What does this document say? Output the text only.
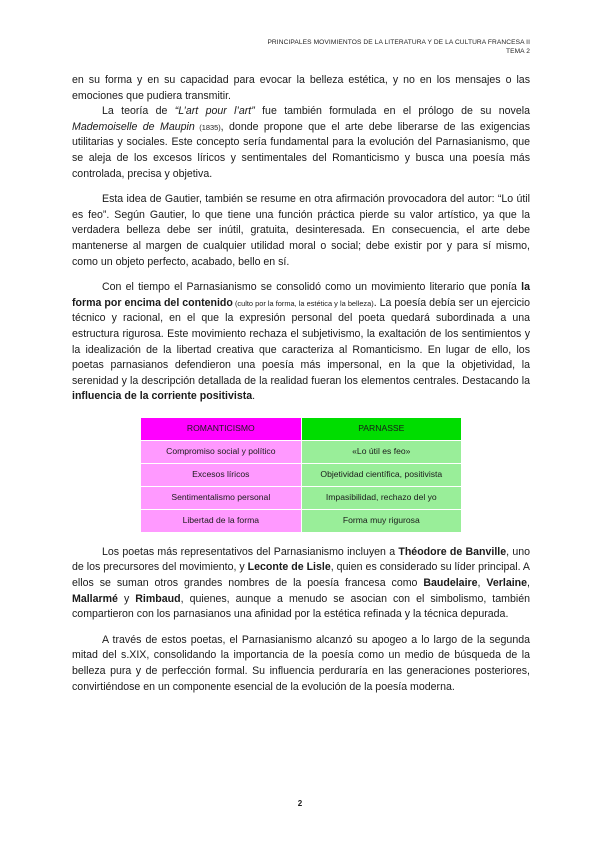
PRINCIPALES MOVIMIENTOS DE LA LITERATURA Y DE LA CULTURA FRANCESA II
TEMA 2

en su forma y en su capacidad para evocar la belleza estética, y no en los mensajes o las emociones que pudiera transmitir.

La teoría de “L’art pour l’art” fue también formulada en el prólogo de su novela Mademoiselle de Maupin (1835), donde propone que el arte debe liberarse de las exigencias utilitarias y sociales. Este concepto sería fundamental para la evolución del Parnasianismo, que se aleja de los excesos líricos y sentimentales del Romanticismo y busca una poesía más controlada, precisa y objetiva.

Esta idea de Gautier, también se resume en otra afirmación provocadora del autor: “Lo útil es feo”. Según Gautier, lo que tiene una función práctica pierde su valor artístico, ya que la verdadera belleza debe ser inútil, gratuita, desinteresada. En consecuencia, el arte debe mantenerse al margen de cualquier utilidad moral o social; debe existir por y para sí mismo, como un objeto perfecto, acabado, bello en sí.

Con el tiempo el Parnasianismo se consolidó como un movimiento literario que ponía la forma por encima del contenido (culto por la forma, la estética y la belleza). La poesía debía ser un ejercicio técnico y racional, en el que la expresión personal del poeta quedará subordinada a una estructura rigurosa. Este movimiento rechaza el subjetivismo, la exaltación de los sentimientos y la idealización de la libertad creativa que caracteriza al Romanticismo. En lugar de ello, los poetas parnasianos defendieron una poesía más impersonal, en la que la objetividad, la serenidad y la descripción detallada de la realidad fueran los elementos centrales. Destacando la influencia de la corriente positivista.

ROMANTICISMO	PARNASSE
Compromiso social y político	«Lo útil es feo»
Excesos líricos	Objetividad científica, positivista
Sentimentalismo personal	Impasibilidad, rechazo del yo
Libertad de la forma	Forma muy rigurosa

Los poetas más representativos del Parnasianismo incluyen a Théodore de Banville, uno de los precursores del movimiento, y Leconte de Lisle, quien es considerado su líder principal. A ellos se suman otros grandes nombres de la poesía francesa como Baudelaire, Verlaine, Mallarmé y Rimbaud, quienes, aunque a menudo se asocian con el simbolismo, también compartieron con los parnasianos una afinidad por la estética refinada y la técnica depurada.

A través de estos poetas, el Parnasianismo alcanzó su apogeo a lo largo de la segunda mitad del s.XIX, consolidando la importancia de la poesía como un medio de búsqueda de la belleza pura y de perfección formal. Su influencia perduraría en las generaciones posteriores, convirtiéndose en un componente esencial de la evolución de la poesía moderna.

2
